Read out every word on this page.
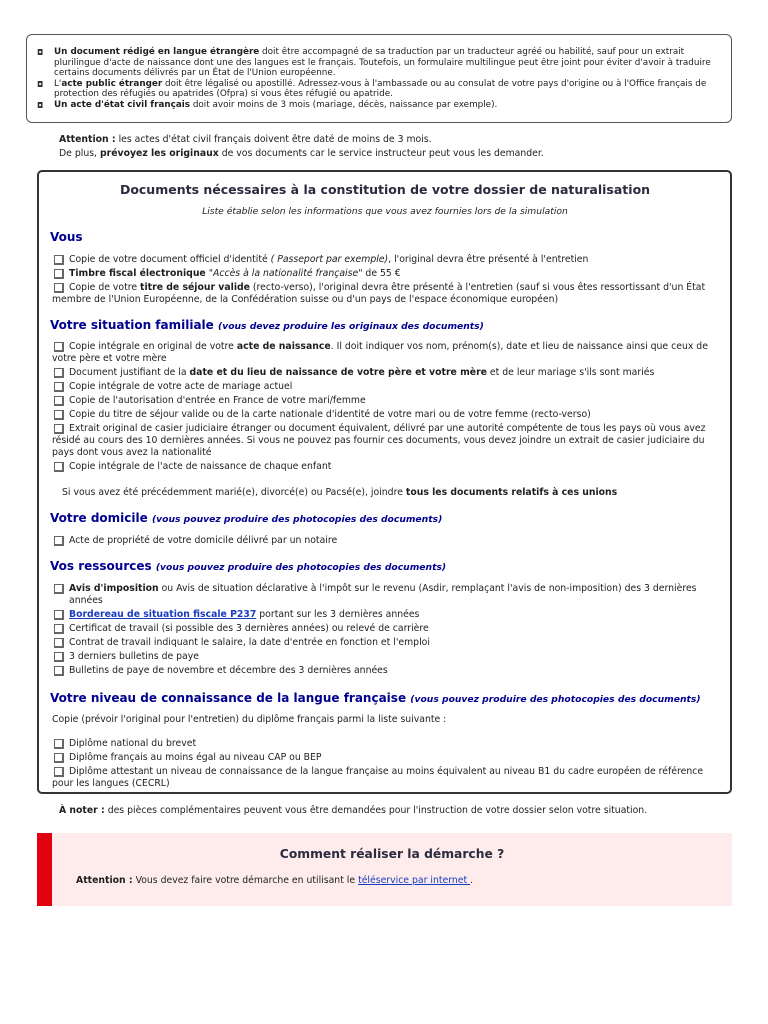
◘ Un document rédigé en langue étrangère doit être accompagné de sa traduction par un traducteur agréé ou habilité, sauf pour un extrait plurilingue d'acte de naissance dont une des langues est le français. Toutefois, un formulaire multilingue peut être joint pour éviter d'avoir à traduire certains documents délivrés par un État de l'Union européenne.

◘ L'acte public étranger doit être légalisé ou apostillé. Adressez-vous à l'ambassade ou au consulat de votre pays d'origine ou à l'Office français de protection des réfugiés ou apatrides (Ofpra) si vous êtes réfugié ou apatride.

◘ Un acte d'état civil français doit avoir moins de 3 mois (mariage, décès, naissance par exemple).

Attention : les actes d'état civil français doivent être daté de moins de 3 mois.

De plus, prévoyez les originaux de vos documents car le service instructeur peut vous les demander.

Documents nécessaires à la constitution de votre dossier de naturalisation
Liste établie selon les informations que vous avez fournies lors de la simulation
Vous

Copie de votre document officiel d'identité ( Passeport par exemple), l'original devra être présenté à l'entretien

Timbre fiscal électronique "Accès à la nationalité française" de 55 €

Copie de votre titre de séjour valide (recto-verso), l'original devra être présenté à l'entretien (sauf si vous êtes ressortissant d'un État membre de l'Union Européenne, de la Confédération suisse ou d'un pays de l'espace économique européen)

Votre situation familiale (vous devez produire les originaux des documents)

Copie intégrale en original de votre acte de naissance. Il doit indiquer vos nom, prénom(s), date et lieu de naissance ainsi que ceux de votre père et votre mère

Document justifiant de la date et du lieu de naissance de votre père et votre mère et de leur mariage s'ils sont mariés

Copie intégrale de votre acte de mariage actuel

Copie de l'autorisation d'entrée en France de votre mari/femme

Copie du titre de séjour valide ou de la carte nationale d'identité de votre mari ou de votre femme (recto-verso)

Extrait original de casier judiciaire étranger ou document équivalent, délivré par une autorité compétente de tous les pays où vous avez résidé au cours des 10 dernières années. Si vous ne pouvez pas fournir ces documents, vous devez joindre un extrait de casier judiciaire du pays dont vous avez la nationalité

Copie intégrale de l'acte de naissance de chaque enfant

Si vous avez été précédemment marié(e), divorcé(e) ou Pacsé(e), joindre tous les documents relatifs à ces unions

Votre domicile (vous pouvez produire des photocopies des documents)

Acte de propriété de votre domicile délivré par un notaire

Vos ressources (vous pouvez produire des photocopies des documents)

Avis d'imposition ou Avis de situation déclarative à l'impôt sur le revenu (Asdir, remplaçant l'avis de non-imposition) des 3 dernières années

Bordereau de situation fiscale P237 portant sur les 3 dernières années

Certificat de travail (si possible des 3 dernières années) ou relevé de carrière

Contrat de travail indiquant le salaire, la date d'entrée en fonction et l'emploi

3 derniers bulletins de paye

Bulletins de paye de novembre et décembre des 3 dernières années

Votre niveau de connaissance de la langue française (vous pouvez produire des photocopies des documents)

Copie (prévoir l'original pour l'entretien) du diplôme français parmi la liste suivante :

Diplôme national du brevet

Diplôme français au moins égal au niveau CAP ou BEP

Diplôme attestant un niveau de connaissance de la langue française au moins équivalent au niveau B1 du cadre européen de référence pour les langues (CECRL)

À noter : des pièces complémentaires peuvent vous être demandées pour l'instruction de votre dossier selon votre situation.
Comment réaliser la démarche ?

Attention : Vous devez faire votre démarche en utilisant le téléservice par internet .
